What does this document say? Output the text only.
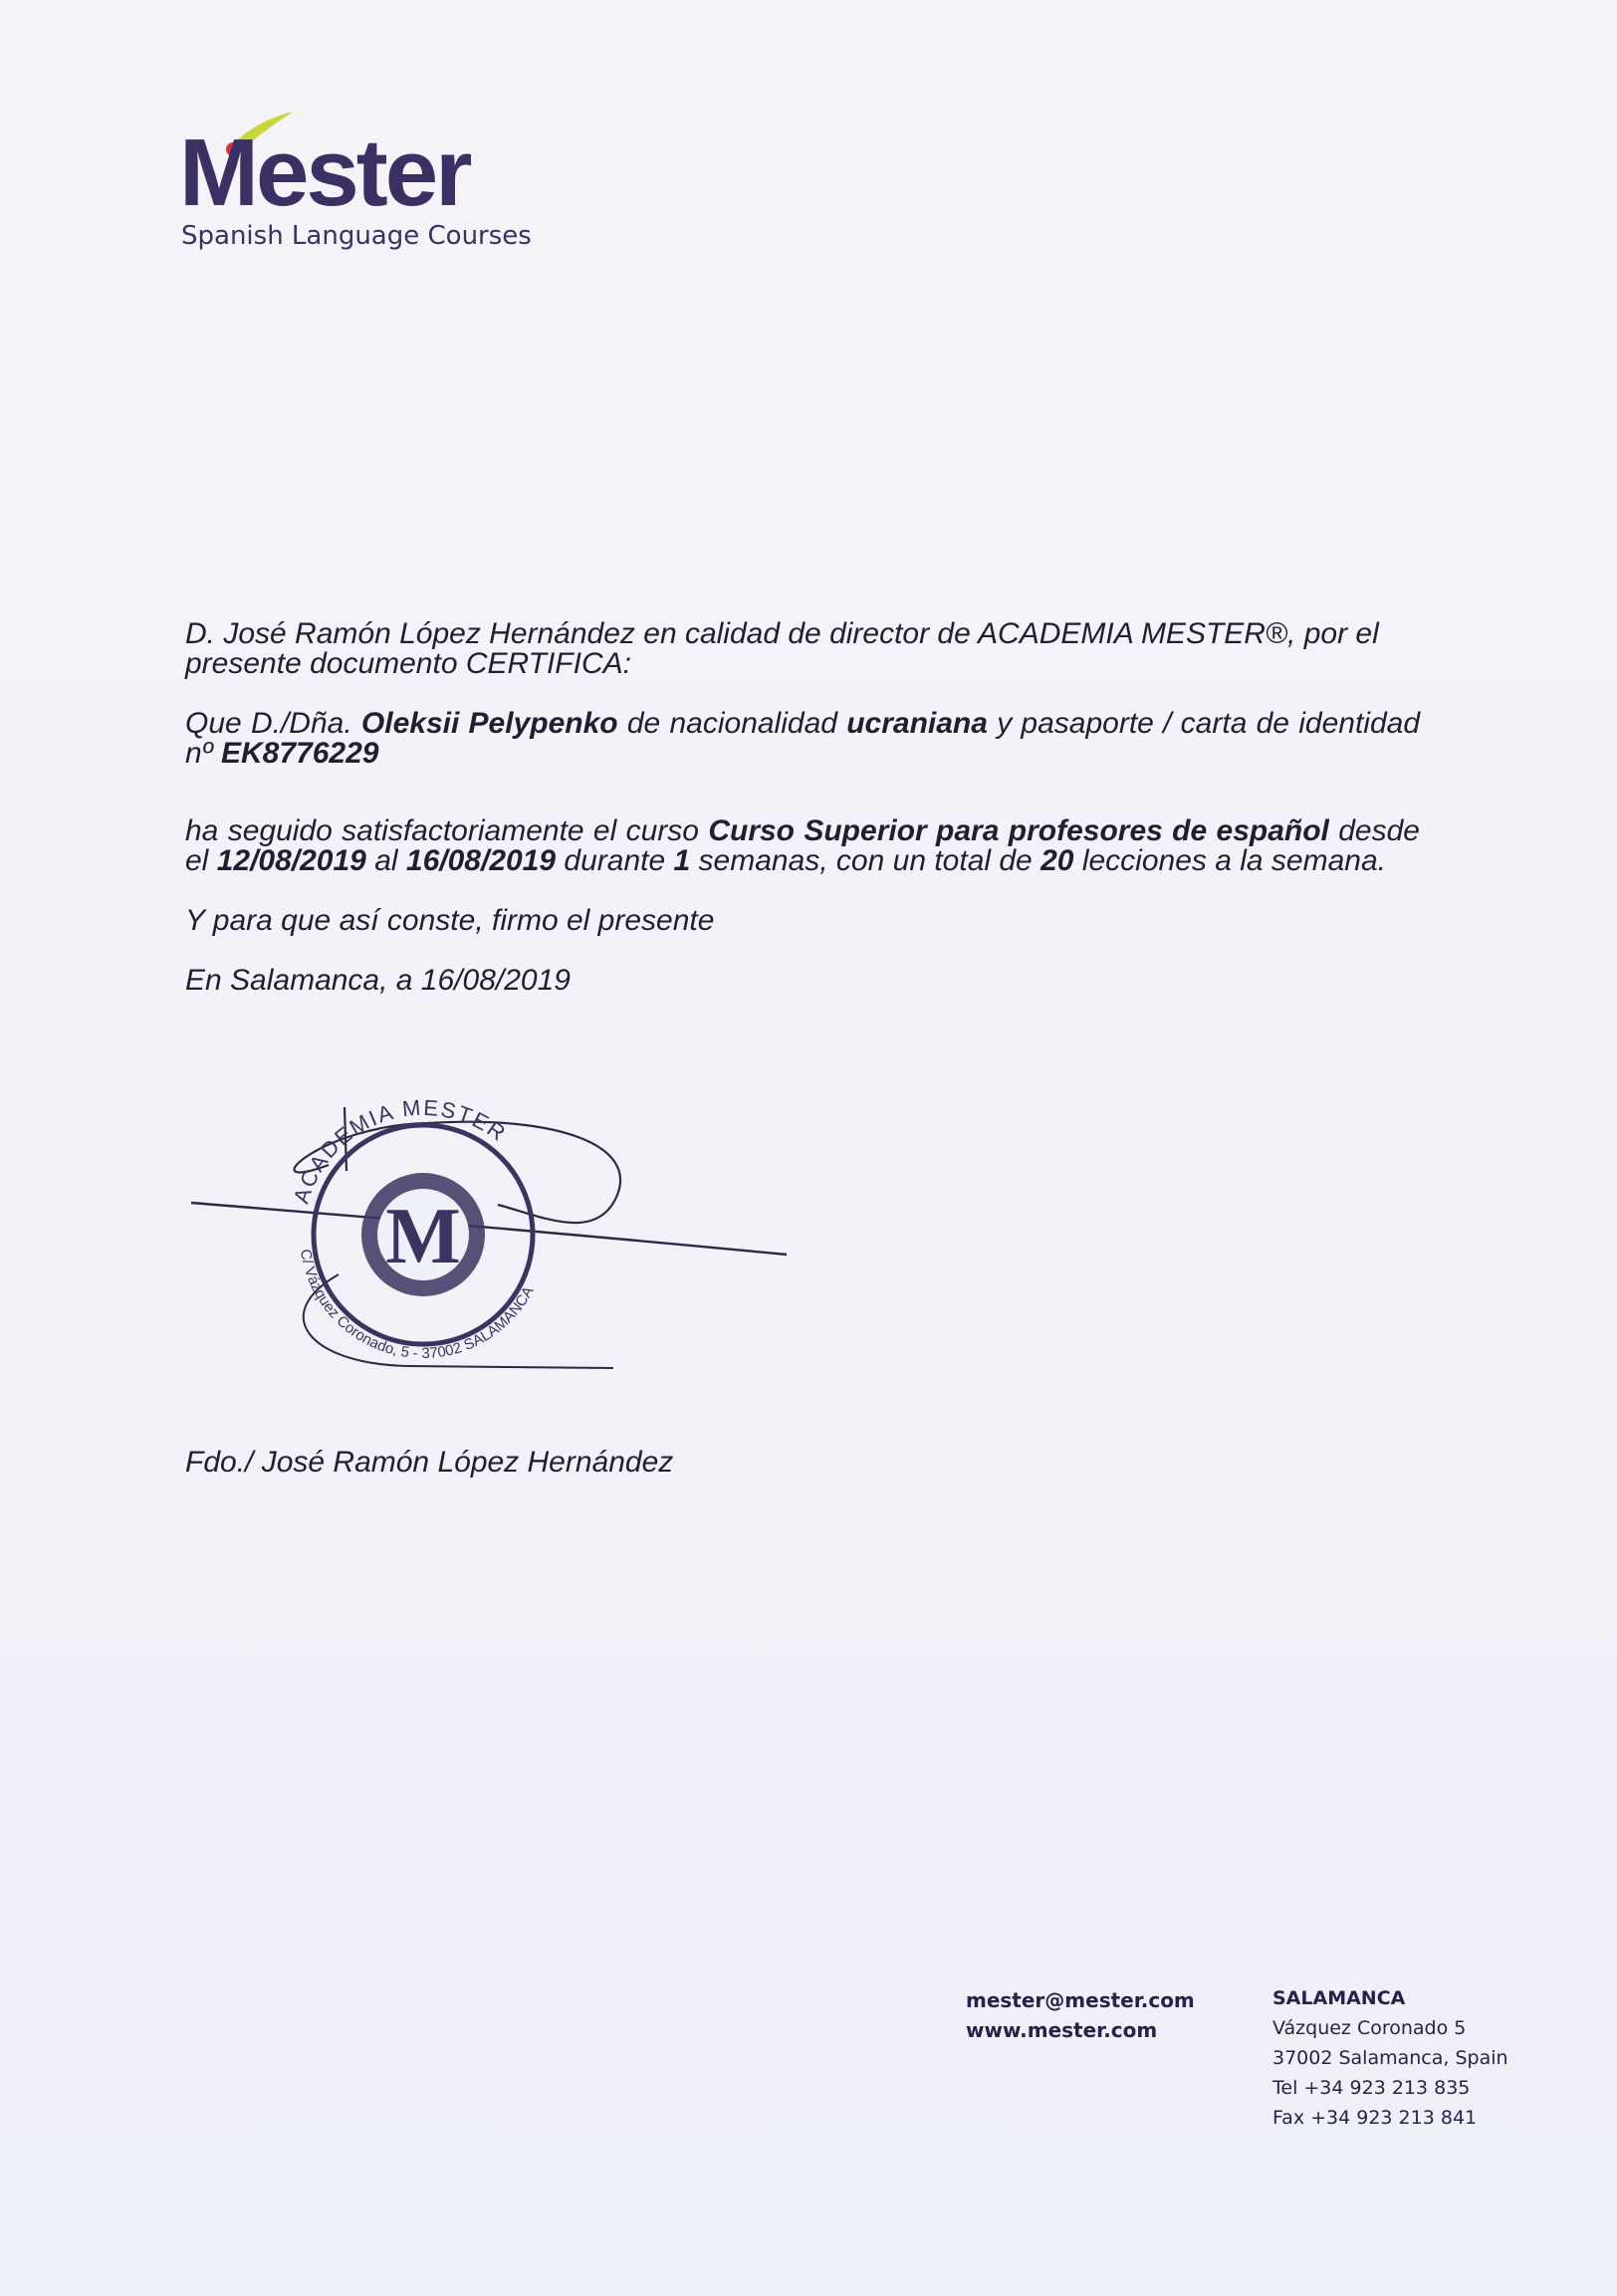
Mester
Spanish Language Courses

D. José Ramón López Hernández en calidad de director de ACADEMIA MESTER®, por el presente documento CERTIFICA:

Que D./Dña. Oleksii Pelypenko de nacionalidad ucraniana y pasaporte / carta de identidad nº EK8776229

ha seguido satisfactoriamente el curso Curso Superior para profesores de español desde el 12/08/2019 al 16/08/2019 durante 1 semanas, con un total de 20 lecciones a la semana.

Y para que así conste, firmo el presente

En Salamanca, a 16/08/2019

ACADEMIA MESTER
C/ Vázquez Coronado, 5 - 37002 SALAMANCA
M
Fdo./ José Ramón López Hernández
mester@mester.com
www.mester.com
SALAMANCA
Vázquez Coronado 5
37002 Salamanca, Spain
Tel +34 923 213 835
Fax +34 923 213 841
